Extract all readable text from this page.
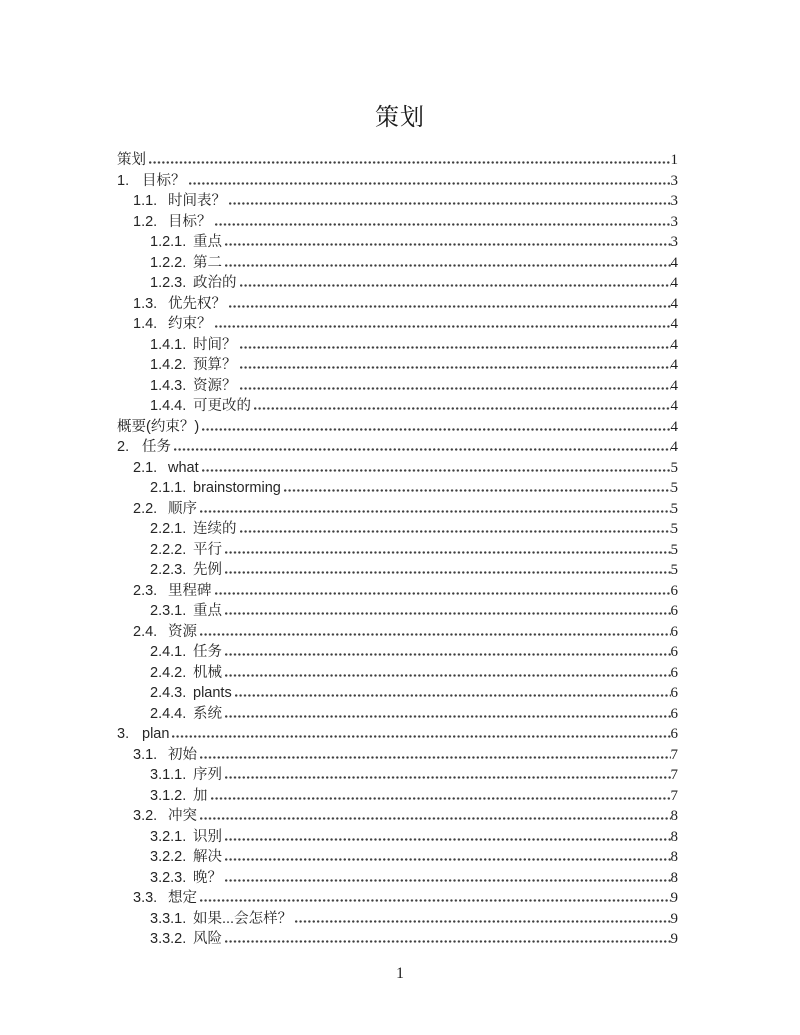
策划
策划	1
1. 目标？	3
1.1. 时间表？	3
1.2. 目标？	3
1.2.1. 重点	3
1.2.2. 第二	4
1.2.3. 政治的	4
1.3. 优先权？	4
1.4. 约束？	4
1.4.1. 时间？	4
1.4.2. 预算？	4
1.4.3. 资源？	4
1.4.4. 可更改的	4
概要(约束？)	4
2. 任务	4
2.1. what	5
2.1.1. brainstorming	5
2.2. 顺序	5
2.2.1. 连续的	5
2.2.2. 平行	5
2.2.3. 先例	5
2.3. 里程碑	6
2.3.1. 重点	6
2.4. 资源	6
2.4.1. 任务	6
2.4.2. 机械	6
2.4.3. plants	6
2.4.4. 系统	6
3. plan	6
3.1. 初始	7
3.1.1. 序列	7
3.1.2. 加	7
3.2. 冲突	8
3.2.1. 识别	8
3.2.2. 解决	8
3.2.3. 晚？	8
3.3. 想定	9
3.3.1. 如果...会怎样？	9
3.3.2. 风险	9
1
